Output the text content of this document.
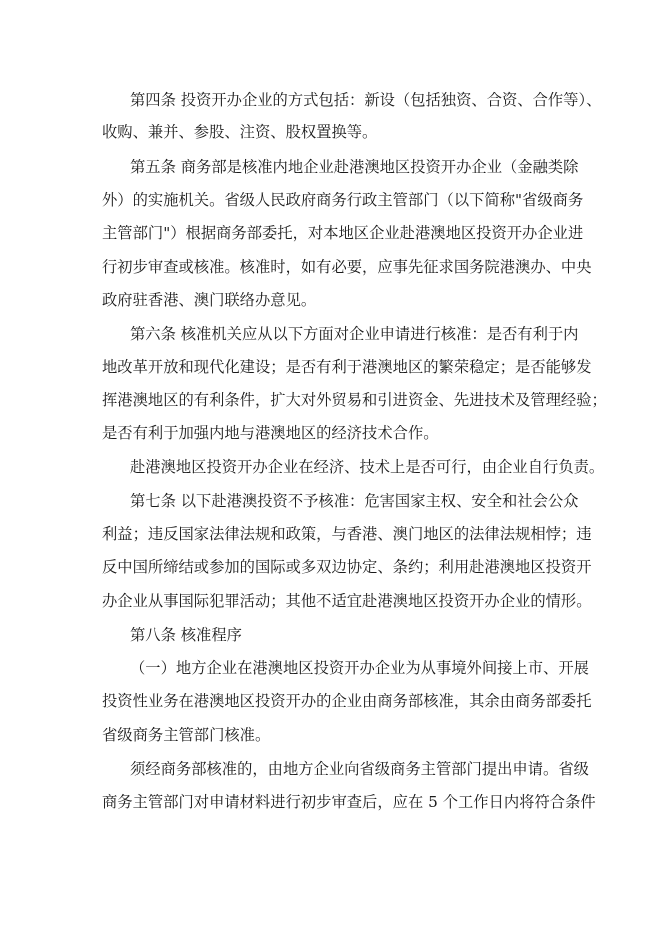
第四条 投资开办企业的方式包括：新设（包括独资、合资、合作等）、
收购、兼并、参股、注资、股权置换等。
第五条 商务部是核准内地企业赴港澳地区投资开办企业（金融类除
外）的实施机关。省级人民政府商务行政主管部门（以下简称"省级商务
主管部门"）根据商务部委托，对本地区企业赴港澳地区投资开办企业进
行初步审查或核准。核准时，如有必要，应事先征求国务院港澳办、中央
政府驻香港、澳门联络办意见。
第六条 核准机关应从以下方面对企业申请进行核准：是否有利于内
地改革开放和现代化建设；是否有利于港澳地区的繁荣稳定；是否能够发
挥港澳地区的有利条件，扩大对外贸易和引进资金、先进技术及管理经验；
是否有利于加强内地与港澳地区的经济技术合作。
赴港澳地区投资开办企业在经济、技术上是否可行，由企业自行负责。
第七条 以下赴港澳投资不予核准：危害国家主权、安全和社会公众
利益；违反国家法律法规和政策，与香港、澳门地区的法律法规相悖；违
反中国所缔结或参加的国际或多双边协定、条约；利用赴港澳地区投资开
办企业从事国际犯罪活动；其他不适宜赴港澳地区投资开办企业的情形。
第八条 核准程序
（一）地方企业在港澳地区投资开办企业为从事境外间接上市、开展
投资性业务在港澳地区投资开办的企业由商务部核准，其余由商务部委托
省级商务主管部门核准。
须经商务部核准的，由地方企业向省级商务主管部门提出申请。省级
商务主管部门对申请材料进行初步审查后，应在 5 个工作日内将符合条件
